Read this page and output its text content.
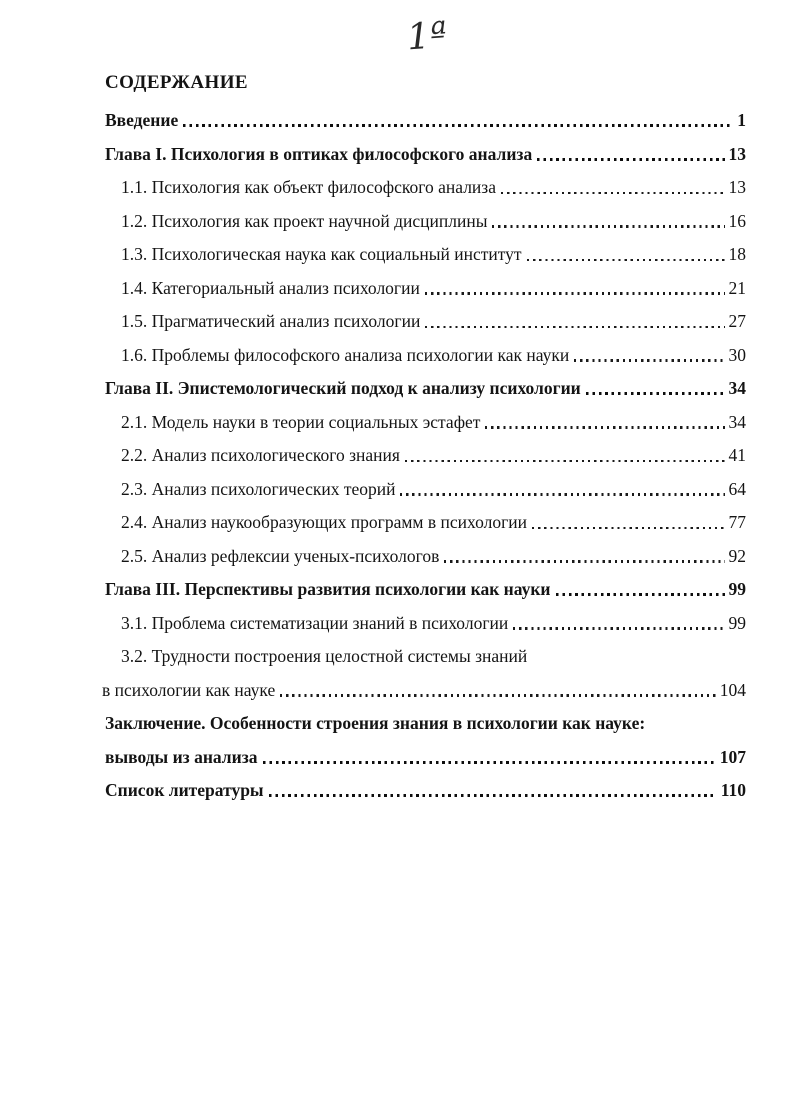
1ª
СОДЕРЖАНИЕ
Введение	1
Глава I. Психология в оптиках философского анализа	13
1.1. Психология как объект философского анализа	13
1.2. Психология как проект научной дисциплины	16
1.3. Психологическая наука как социальный институт	18
1.4. Категориальный анализ психологии	21
1.5. Прагматический анализ психологии	27
1.6. Проблемы философского анализа психологии как науки	30
Глава II. Эпистемологический подход к анализу психологии	34
2.1. Модель науки в теории социальных эстафет	34
2.2. Анализ психологического знания	41
2.3. Анализ психологических теорий	64
2.4. Анализ наукообразующих программ в психологии	77
2.5. Анализ рефлексии ученых-психологов	92
Глава III. Перспективы развития психологии как науки	99
3.1. Проблема систематизации знаний в психологии	99
3.2. Трудности построения целостной системы знаний
в психологии как науке	104
Заключение. Особенности строения знания в психологии как науке:
выводы из анализа	107
Список литературы	110
